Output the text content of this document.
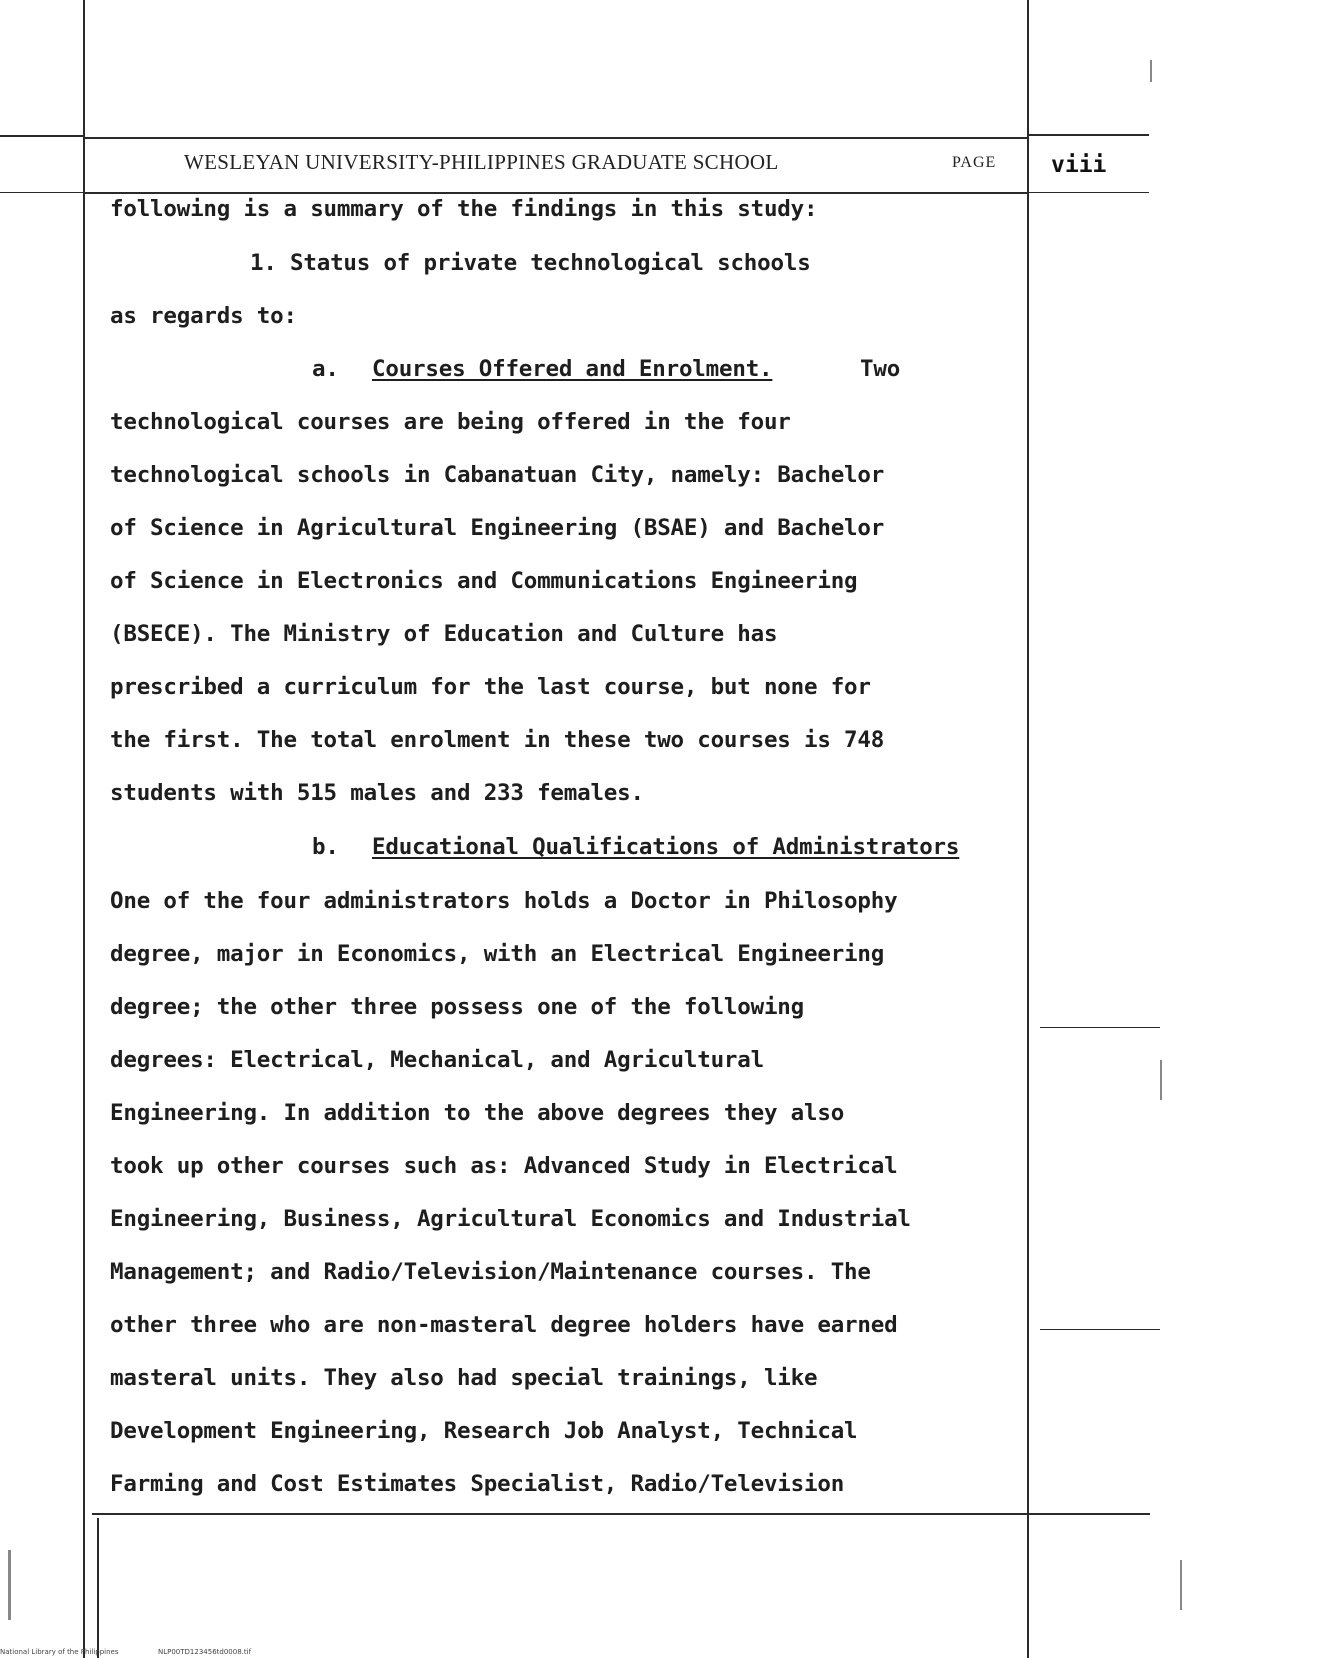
WESLEYAN UNIVERSITY-PHILIPPINES GRADUATE SCHOOL	PAGE viii
following is a summary of the findings in this study:
1. Status of private technological schools
as regards to:
a. Courses Offered and Enrolment.	Two
technological courses are being offered in the four
technological schools in Cabanatuan City, namely: Bachelor
of Science in Agricultural Engineering (BSAE) and Bachelor
of Science in Electronics and Communications Engineering
(BSECE). The Ministry of Education and Culture has
prescribed a curriculum for the last course, but none for
the first. The total enrolment in these two courses is 748
students with 515 males and 233 females.
b. Educational Qualifications of Administrators
One of the four administrators holds a Doctor in Philosophy
degree, major in Economics, with an Electrical Engineering
degree; the other three possess one of the following
degrees: Electrical, Mechanical, and Agricultural
Engineering. In addition to the above degrees they also
took up other courses such as: Advanced Study in Electrical
Engineering, Business, Agricultural Economics and Industrial
Management; and Radio/Television/Maintenance courses. The
other three who are non-masteral degree holders have earned
masteral units. They also had special trainings, like
Development Engineering, Research Job Analyst, Technical
Farming and Cost Estimates Specialist, Radio/Television
National Library of the Philippines	NLP00TD123456td0008.tif
